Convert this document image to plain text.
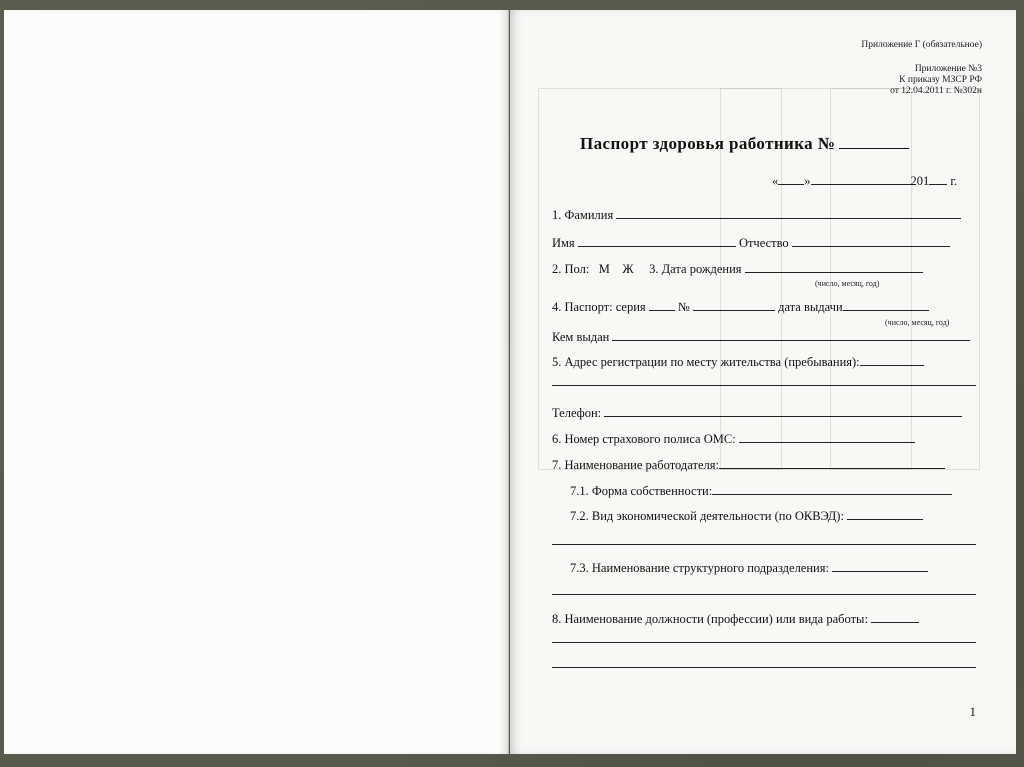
Приложение Г (обязательное)
Приложение №3
К приказу МЗСР РФ
от 12.04.2011 г. №302н
Паспорт здоровья работника №
« »	201 г.
1. Фамилия
Имя	Отчество
2. Пол: М Ж 3. Дата рождения
(число, месяц, год)
4. Паспорт: серия	№	дата выдачи
(число, месяц, год)
Кем выдан
5. Адрес регистрации по месту жительства (пребывания):
Телефон:
6. Номер страхового полиса ОМС:
7. Наименование работодателя:
7.1. Форма собственности:
7.2. Вид экономической деятельности (по ОКВЭД):
7.3. Наименование структурного подразделения:
8. Наименование должности (профессии) или вида работы:
1
